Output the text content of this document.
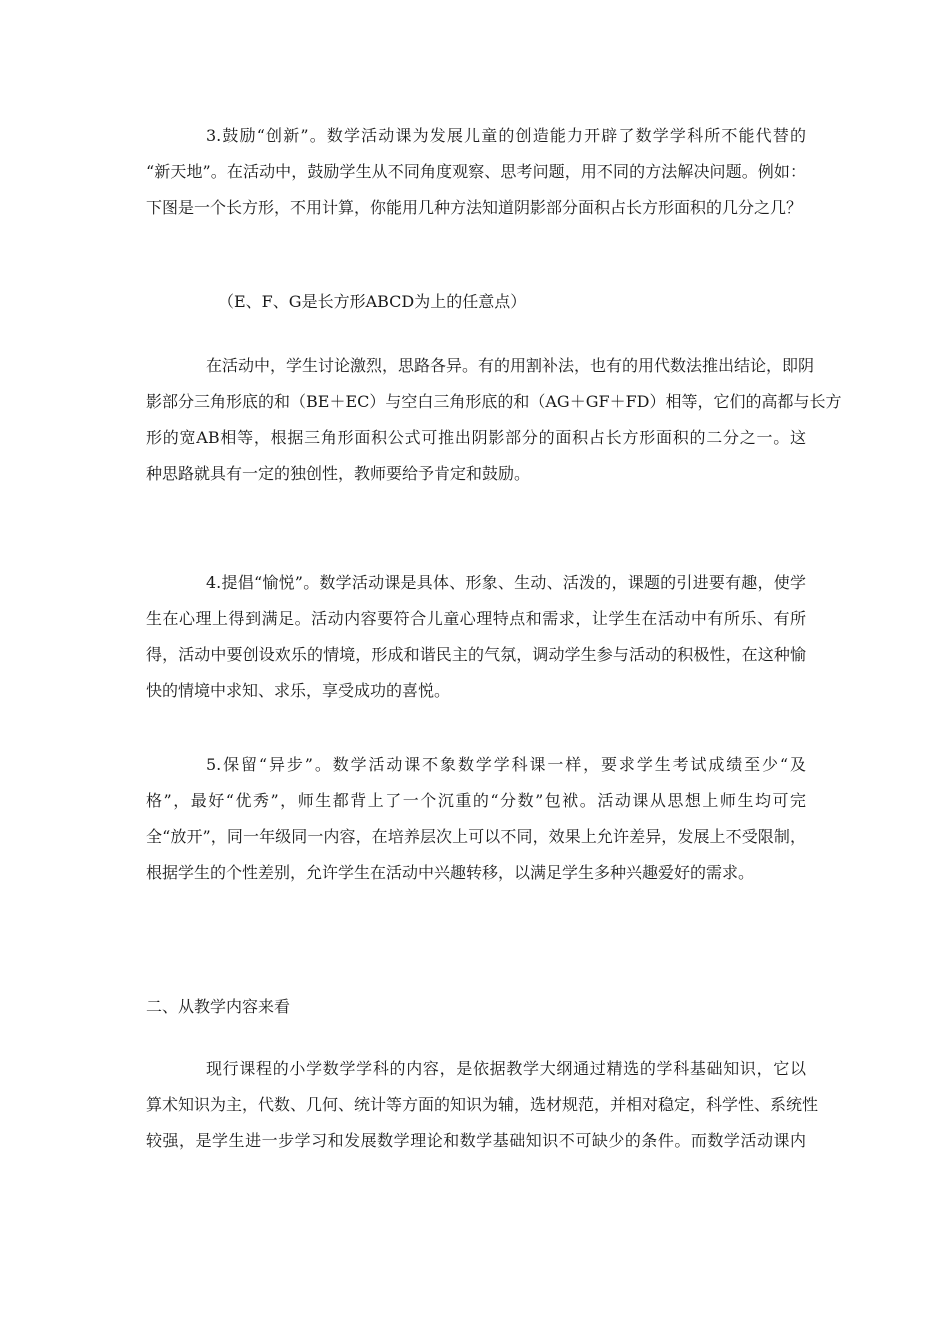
3.鼓励“创新”。数学活动课为发展儿童的创造能力开辟了数学学科所不能代替的
“新天地”。在活动中，鼓励学生从不同角度观察、思考问题，用不同的方法解决问题。例如：
下图是一个长方形，不用计算，你能用几种方法知道阴影部分面积占长方形面积的几分之几？
（E、F、G是长方形ABCD为上的任意点）
在活动中，学生讨论激烈，思路各异。有的用割补法，也有的用代数法推出结论，即阴
影部分三角形底的和（BE＋EC）与空白三角形底的和（AG＋GF＋FD）相等，它们的高都与长方
形的宽AB相等，根据三角形面积公式可推出阴影部分的面积占长方形面积的二分之一。这
种思路就具有一定的独创性，教师要给予肯定和鼓励。
4.提倡“愉悦”。数学活动课是具体、形象、生动、活泼的，课题的引进要有趣，使学
生在心理上得到满足。活动内容要符合儿童心理特点和需求，让学生在活动中有所乐、有所
得，活动中要创设欢乐的情境，形成和谐民主的气氛，调动学生参与活动的积极性，在这种愉
快的情境中求知、求乐，享受成功的喜悦。
5.保留“异步”。数学活动课不象数学学科课一样，要求学生考试成绩至少“及
格”，最好“优秀”，师生都背上了一个沉重的“分数”包袱。活动课从思想上师生均可完
全“放开”，同一年级同一内容，在培养层次上可以不同，效果上允许差异，发展上不受限制，
根据学生的个性差别，允许学生在活动中兴趣转移，以满足学生多种兴趣爱好的需求。
二、从教学内容来看
现行课程的小学数学学科的内容，是依据教学大纲通过精选的学科基础知识，它以
算术知识为主，代数、几何、统计等方面的知识为辅，选材规范，并相对稳定，科学性、系统性
较强，是学生进一步学习和发展数学理论和数学基础知识不可缺少的条件。而数学活动课内
